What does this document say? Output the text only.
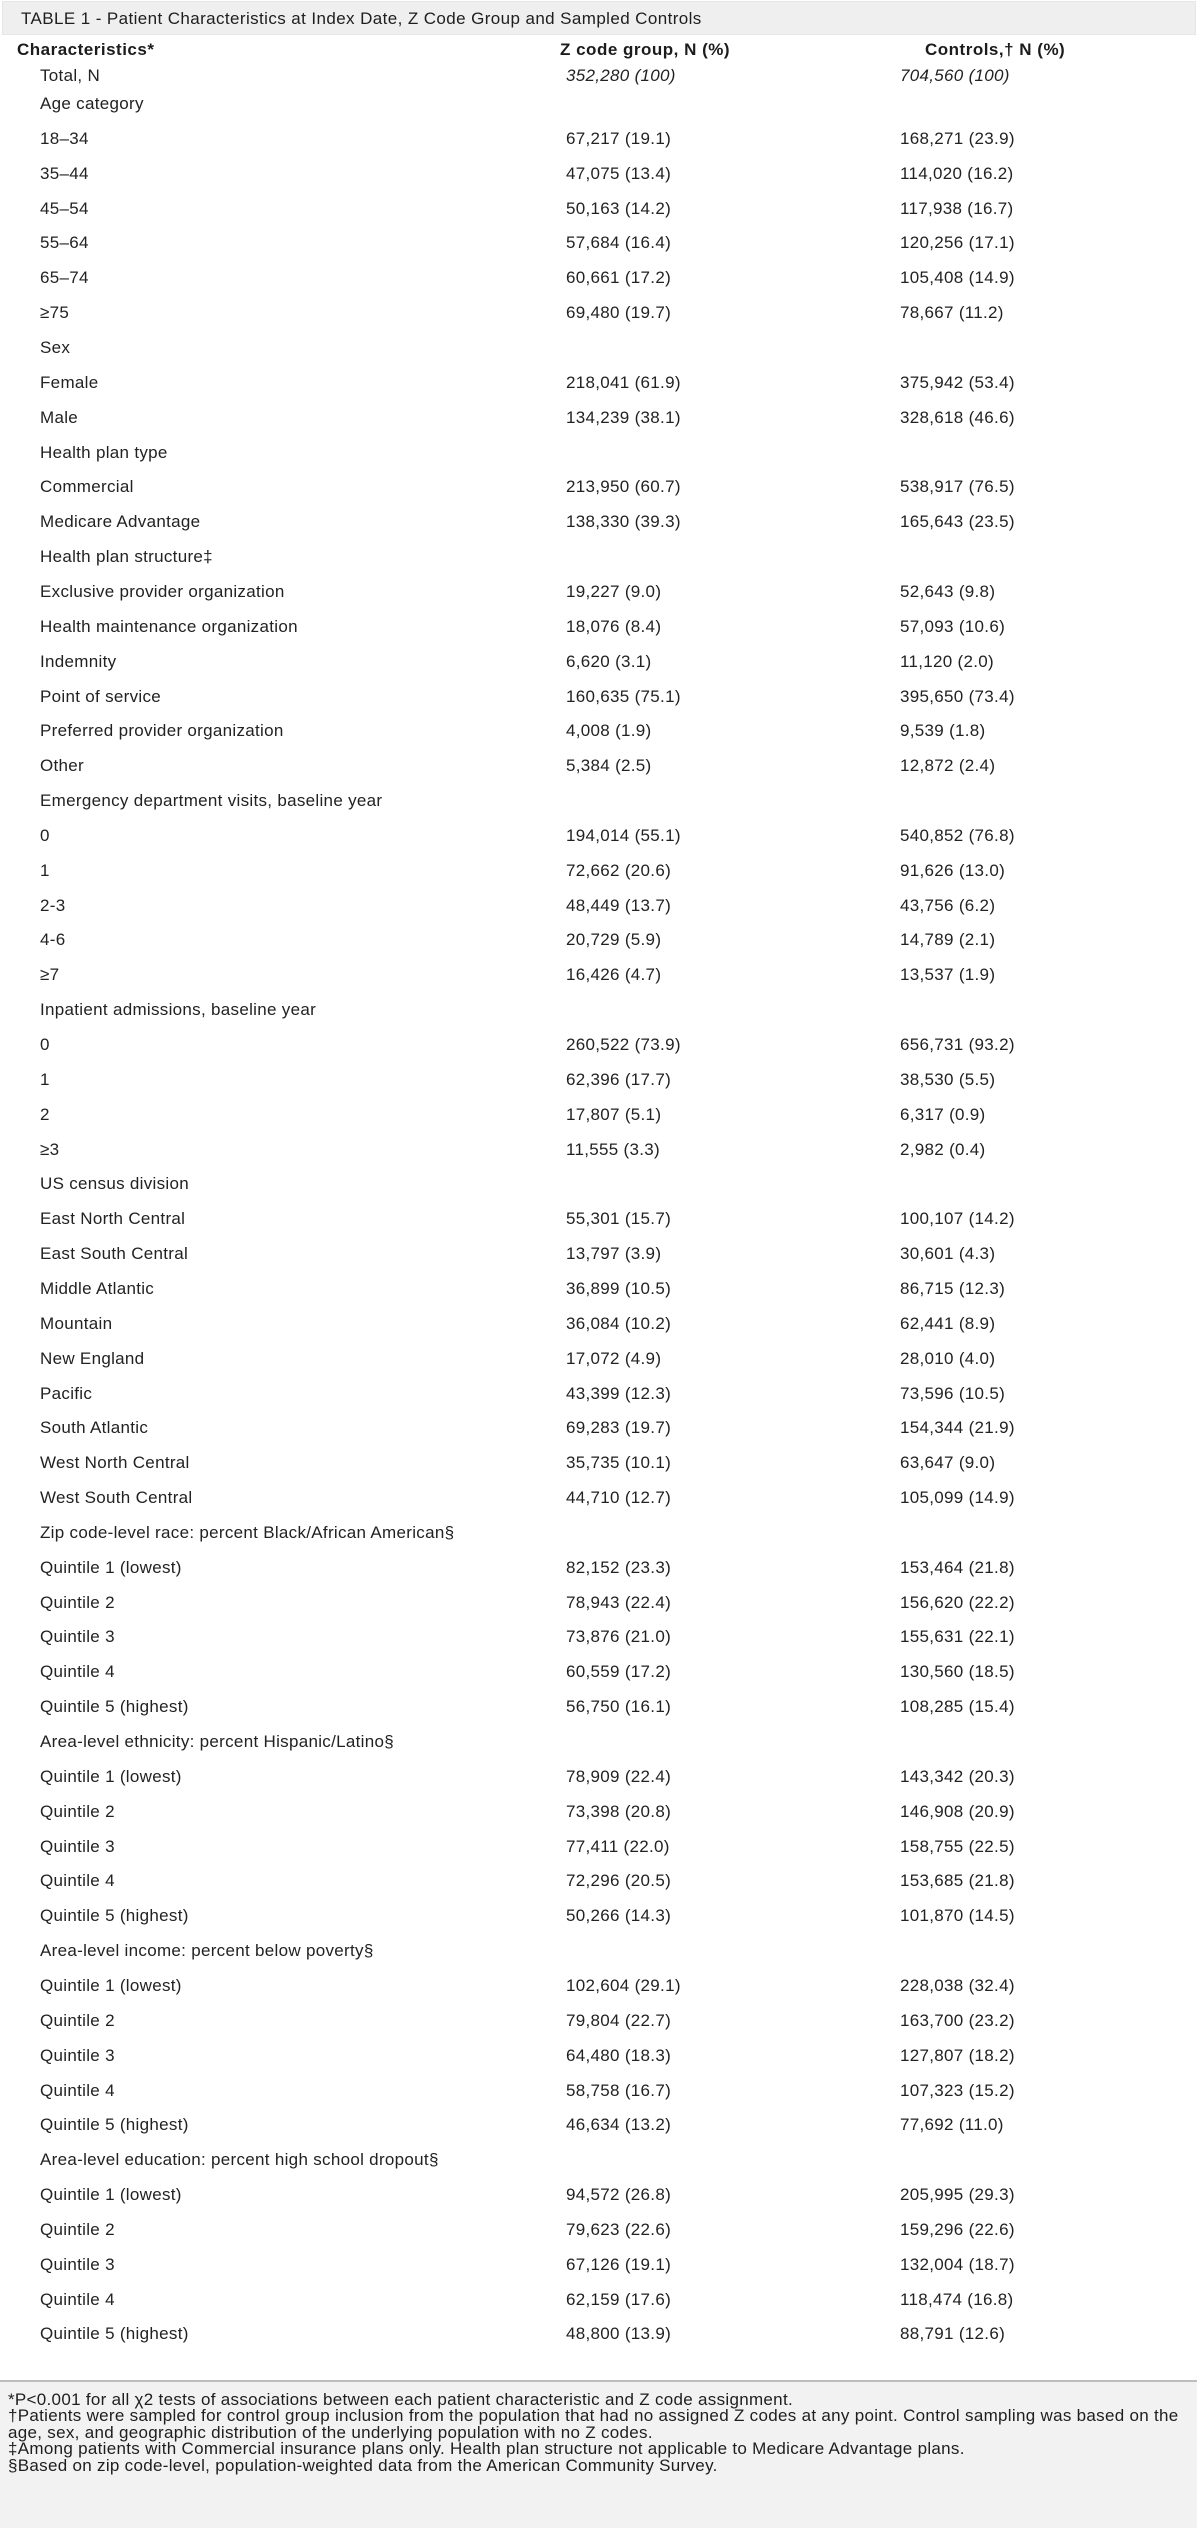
TABLE 1 - Patient Characteristics at Index Date, Z Code Group and Sampled Controls
Characteristics*	Z code group, N (%)	Controls,† N (%)
Total, N	352,280 (100)	704,560 (100)
Age category
18–34	67,217 (19.1)	168,271 (23.9)
35–44	47,075 (13.4)	114,020 (16.2)
45–54	50,163 (14.2)	117,938 (16.7)
55–64	57,684 (16.4)	120,256 (17.1)
65–74	60,661 (17.2)	105,408 (14.9)
≥75	69,480 (19.7)	78,667 (11.2)
Sex
Female	218,041 (61.9)	375,942 (53.4)
Male	134,239 (38.1)	328,618 (46.6)
Health plan type
Commercial	213,950 (60.7)	538,917 (76.5)
Medicare Advantage	138,330 (39.3)	165,643 (23.5)
Health plan structure‡
Exclusive provider organization	19,227 (9.0)	52,643 (9.8)
Health maintenance organization	18,076 (8.4)	57,093 (10.6)
Indemnity	6,620 (3.1)	11,120 (2.0)
Point of service	160,635 (75.1)	395,650 (73.4)
Preferred provider organization	4,008 (1.9)	9,539 (1.8)
Other	5,384 (2.5)	12,872 (2.4)
Emergency department visits, baseline year
0	194,014 (55.1)	540,852 (76.8)
1	72,662 (20.6)	91,626 (13.0)
2-3	48,449 (13.7)	43,756 (6.2)
4-6	20,729 (5.9)	14,789 (2.1)
≥7	16,426 (4.7)	13,537 (1.9)
Inpatient admissions, baseline year
0	260,522 (73.9)	656,731 (93.2)
1	62,396 (17.7)	38,530 (5.5)
2	17,807 (5.1)	6,317 (0.9)
≥3	11,555 (3.3)	2,982 (0.4)
US census division
East North Central	55,301 (15.7)	100,107 (14.2)
East South Central	13,797 (3.9)	30,601 (4.3)
Middle Atlantic	36,899 (10.5)	86,715 (12.3)
Mountain	36,084 (10.2)	62,441 (8.9)
New England	17,072 (4.9)	28,010 (4.0)
Pacific	43,399 (12.3)	73,596 (10.5)
South Atlantic	69,283 (19.7)	154,344 (21.9)
West North Central	35,735 (10.1)	63,647 (9.0)
West South Central	44,710 (12.7)	105,099 (14.9)
Zip code-level race: percent Black/African American§
Quintile 1 (lowest)	82,152 (23.3)	153,464 (21.8)
Quintile 2	78,943 (22.4)	156,620 (22.2)
Quintile 3	73,876 (21.0)	155,631 (22.1)
Quintile 4	60,559 (17.2)	130,560 (18.5)
Quintile 5 (highest)	56,750 (16.1)	108,285 (15.4)
Area-level ethnicity: percent Hispanic/Latino§
Quintile 1 (lowest)	78,909 (22.4)	143,342 (20.3)
Quintile 2	73,398 (20.8)	146,908 (20.9)
Quintile 3	77,411 (22.0)	158,755 (22.5)
Quintile 4	72,296 (20.5)	153,685 (21.8)
Quintile 5 (highest)	50,266 (14.3)	101,870 (14.5)
Area-level income: percent below poverty§
Quintile 1 (lowest)	102,604 (29.1)	228,038 (32.4)
Quintile 2	79,804 (22.7)	163,700 (23.2)
Quintile 3	64,480 (18.3)	127,807 (18.2)
Quintile 4	58,758 (16.7)	107,323 (15.2)
Quintile 5 (highest)	46,634 (13.2)	77,692 (11.0)
Area-level education: percent high school dropout§
Quintile 1 (lowest)	94,572 (26.8)	205,995 (29.3)
Quintile 2	79,623 (22.6)	159,296 (22.6)
Quintile 3	67,126 (19.1)	132,004 (18.7)
Quintile 4	62,159 (17.6)	118,474 (16.8)
Quintile 5 (highest)	48,800 (13.9)	88,791 (12.6)

*P<0.001 for all χ2 tests of associations between each patient characteristic and Z code assignment.

†Patients were sampled for control group inclusion from the population that had no assigned Z codes at any point. Control sampling was based on the age, sex, and geographic distribution of the underlying population with no Z codes.

‡Among patients with Commercial insurance plans only. Health plan structure not applicable to Medicare Advantage plans.

§Based on zip code-level, population-weighted data from the American Community Survey.
